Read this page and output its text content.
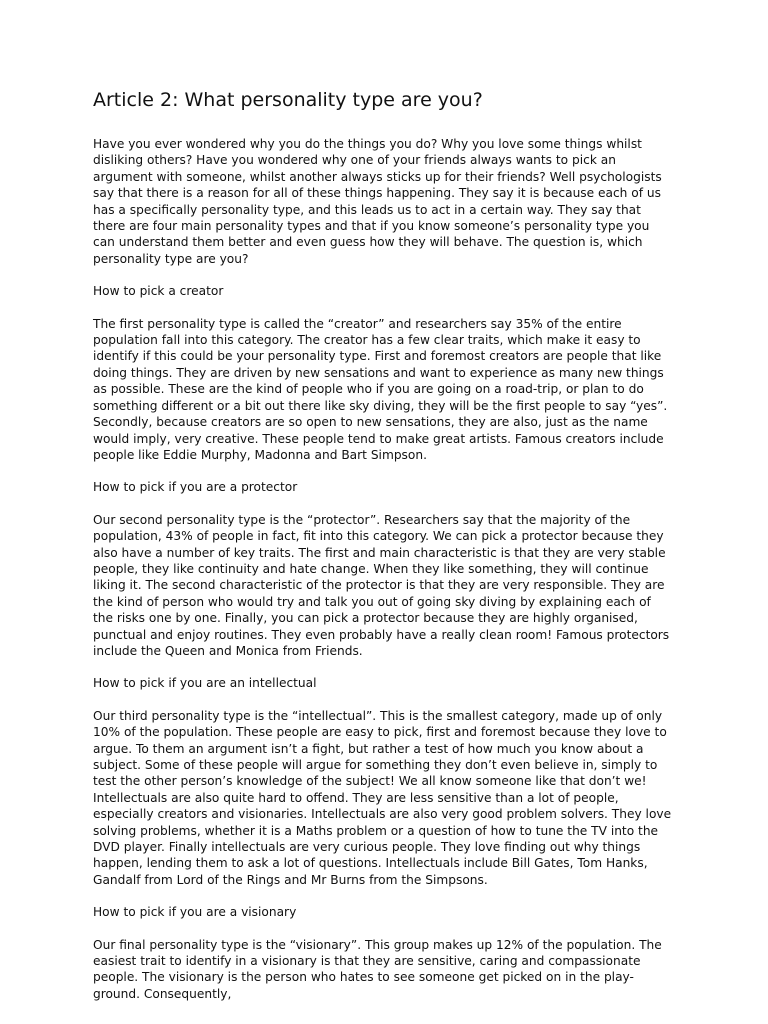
Article 2: What personality type are you?

Have you ever wondered why you do the things you do? Why you love some things whilst disliking others? Have you wondered why one of your friends always wants to pick an argument with someone, whilst another always sticks up for their friends? Well psychologists say that there is a reason for all of these things happening. They say it is because each of us has a specifically personality type, and this leads us to act in a certain way. They say that there are four main personality types and that if you know someone’s personality type you can understand them better and even guess how they will behave. The question is, which personality type are you?

How to pick a creator

The first personality type is called the “creator” and researchers say 35% of the entire population fall into this category. The creator has a few clear traits, which make it easy to identify if this could be your personality type. First and foremost creators are people that like doing things. They are driven by new sensations and want to experience as many new things as possible. These are the kind of people who if you are going on a road-trip, or plan to do something different or a bit out there like sky diving, they will be the first people to say “yes”. Secondly, because creators are so open to new sensations, they are also, just as the name would imply, very creative. These people tend to make great artists. Famous creators include people like Eddie Murphy, Madonna and Bart Simpson.

How to pick if you are a protector

Our second personality type is the “protector”. Researchers say that the majority of the population, 43% of people in fact, fit into this category. We can pick a protector because they also have a number of key traits. The first and main characteristic is that they are very stable people, they like continuity and hate change. When they like something, they will continue liking it. The second characteristic of the protector is that they are very responsible. They are the kind of person who would try and talk you out of going sky diving by explaining each of the risks one by one. Finally, you can pick a protector because they are highly organised, punctual and enjoy routines. They even probably have a really clean room! Famous protectors include the Queen and Monica from Friends.

How to pick if you are an intellectual

Our third personality type is the “intellectual”. This is the smallest category, made up of only 10% of the population. These people are easy to pick, first and foremost because they love to argue. To them an argument isn’t a fight, but rather a test of how much you know about a subject. Some of these people will argue for something they don’t even believe in, simply to test the other person’s knowledge of the subject! We all know someone like that don’t we! Intellectuals are also quite hard to offend. They are less sensitive than a lot of people, especially creators and visionaries. Intellectuals are also very good problem solvers. They love solving problems, whether it is a Maths problem or a question of how to tune the TV into the DVD player. Finally intellectuals are very curious people. They love finding out why things happen, lending them to ask a lot of questions. Intellectuals include Bill Gates, Tom Hanks, Gandalf from Lord of the Rings and Mr Burns from the Simpsons.

How to pick if you are a visionary

Our final personality type is the “visionary”. This group makes up 12% of the population. The easiest trait to identify in a visionary is that they are sensitive, caring and compassionate people. The visionary is the person who hates to see someone get picked on in the play-ground. Consequently,
